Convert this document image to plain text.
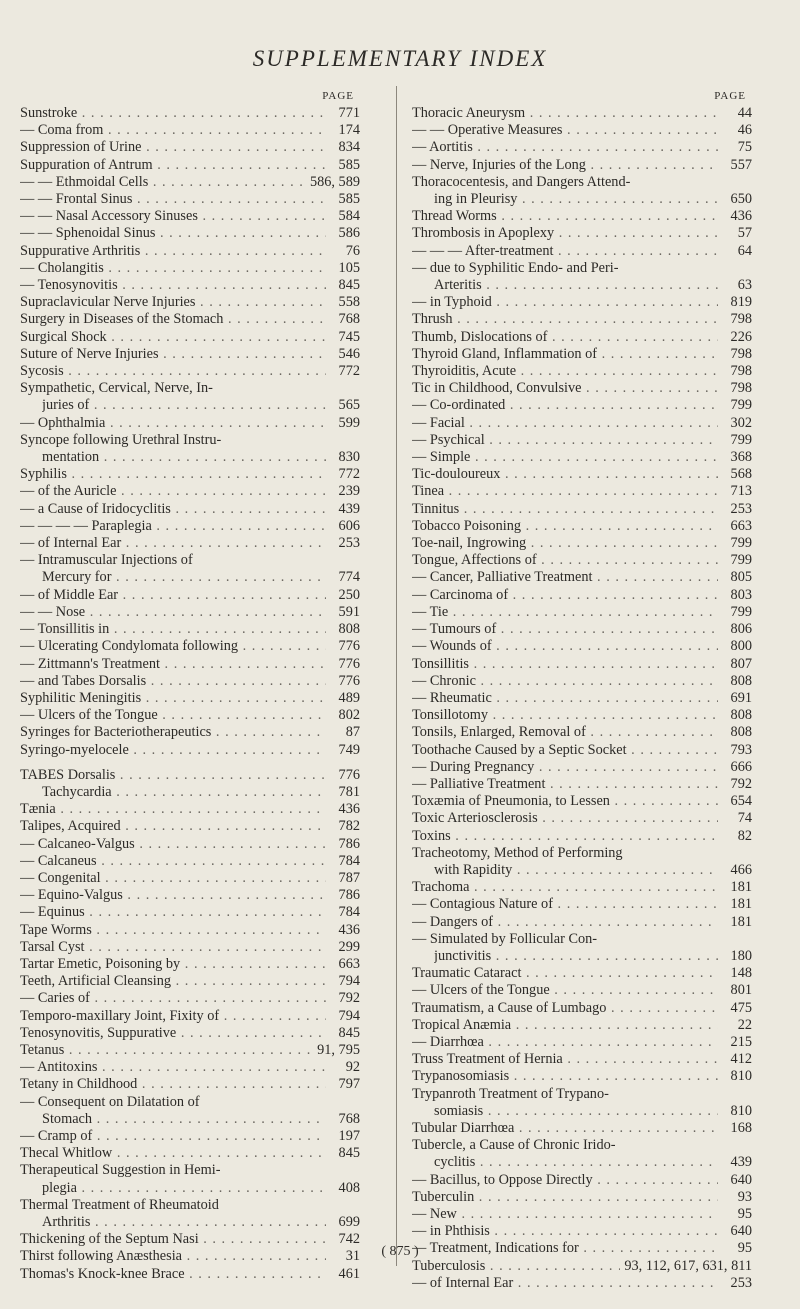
SUPPLEMENTARY INDEX
PAGE
Sunstroke . . .	771
— Coma from . . .	174
Suppression of Urine . . .	834
Suppuration of Antrum . . .	585
— — Ethmoidal Cells . . .	586, 589
— — Frontal Sinus . . .	585
— — Nasal Accessory Sinuses . . .	584
— — Sphenoidal Sinus . . .	586
Suppurative Arthritis . . .	76
— Cholangitis . . .	105
— Tenosynovitis . . .	845
Supraclavicular Nerve Injuries . . .	558
Surgery in Diseases of the Stomach . . .	768
Surgical Shock . . .	745
Suture of Nerve Injuries . . .	546
Sycosis . . .	772
Sympathetic, Cervical, Nerve, In-
juries of . . .	565
— Ophthalmia . . .	599
Syncope following Urethral Instru-
mentation . . .	830
Syphilis . . .	772
— of the Auricle . . .	239
— a Cause of Iridocyclitis . . .	439
— — — — Paraplegia . . .	606
— of Internal Ear . . .	253
— Intramuscular Injections of
Mercury for . . .	774
— of Middle Ear . . .	250
— — Nose . . .	591
— Tonsillitis in . . .	808
— Ulcerating Condylomata following . . .	776
— Zittmann's Treatment . . .	776
— and Tabes Dorsalis . . .	776
Syphilitic Meningitis . . .	489
— Ulcers of the Tongue . . .	802
Syringes for Bacteriotherapeutics . . .	87
Syringo-myelocele . . .	749
TABES Dorsalis . . .	776
Tachycardia . . .	781
Tænia . . .	436
Talipes, Acquired . . .	782
— Calcaneo-Valgus . . .	786
— Calcaneus . . .	784
— Congenital . . .	787
— Equino-Valgus . . .	786
— Equinus . . .	784
Tape Worms . . .	436
Tarsal Cyst . . .	299
Tartar Emetic, Poisoning by . . .	663
Teeth, Artificial Cleansing . . .	794
— Caries of . . .	792
Temporo-maxillary Joint, Fixity of . . .	794
Tenosynovitis, Suppurative . . .	845
Tetanus . . .	91, 795
— Antitoxins . . .	92
Tetany in Childhood . . .	797
— Consequent on Dilatation of
Stomach . . .	768
— Cramp of . . .	197
Thecal Whitlow . . .	845
Therapeutical Suggestion in Hemi-
plegia . . .	408
Thermal Treatment of Rheumatoid
Arthritis . . .	699
Thickening of the Septum Nasi . . .	742
Thirst following Anæsthesia . . .	31
Thomas's Knock-knee Brace . . .	461
PAGE
Thoracic Aneurysm . . .	44
— — Operative Measures . . .	46
— Aortitis . . .	75
— Nerve, Injuries of the Long . . .	557
Thoracocentesis, and Dangers Attend-
ing in Pleurisy . . .	650
Thread Worms . . .	436
Thrombosis in Apoplexy . . .	57
— — — After-treatment . . .	64
— due to Syphilitic Endo- and Peri-
Arteritis . . .	63
— in Typhoid . . .	819
Thrush . . .	798
Thumb, Dislocations of . . .	226
Thyroid Gland, Inflammation of . . .	798
Thyroiditis, Acute . . .	798
Tic in Childhood, Convulsive . . .	798
— Co-ordinated . . .	799
— Facial . . .	302
— Psychical . . .	799
— Simple . . .	368
Tic-douloureux . . .	568
Tinea . . .	713
Tinnitus . . .	253
Tobacco Poisoning . . .	663
Toe-nail, Ingrowing . . .	799
Tongue, Affections of . . .	799
— Cancer, Palliative Treatment . . .	805
— Carcinoma of . . .	803
— Tie . . .	799
— Tumours of . . .	806
— Wounds of . . .	800
Tonsillitis . . .	807
— Chronic . . .	808
— Rheumatic . . .	691
Tonsillotomy . . .	808
Tonsils, Enlarged, Removal of . . .	808
Toothache Caused by a Septic Socket . . .	793
— During Pregnancy . . .	666
— Palliative Treatment . . .	792
Toxæmia of Pneumonia, to Lessen . . .	654
Toxic Arteriosclerosis . . .	74
Toxins . . .	82
Tracheotomy, Method of Performing
with Rapidity . . .	466
Trachoma . . .	181
— Contagious Nature of . . .	181
— Dangers of . . .	181
— Simulated by Follicular Con-
junctivitis . . .	180
Traumatic Cataract . . .	148
— Ulcers of the Tongue . . .	801
Traumatism, a Cause of Lumbago . . .	475
Tropical Anæmia . . .	22
— Diarrhœa . . .	215
Truss Treatment of Hernia . . .	412
Trypanosomiasis . . .	810
Trypanroth Treatment of Trypano-
somiasis . . .	810
Tubular Diarrhœa . . .	168
Tubercle, a Cause of Chronic Irido-
cyclitis . . .	439
— Bacillus, to Oppose Directly . . .	640
Tuberculin . . .	93
— New . . .	95
— in Phthisis . . .	640
— Treatment, Indications for . . .	95
Tuberculosis . . .	93, 112, 617, 631, 811
— of Internal Ear . . .	253
( 875 )
